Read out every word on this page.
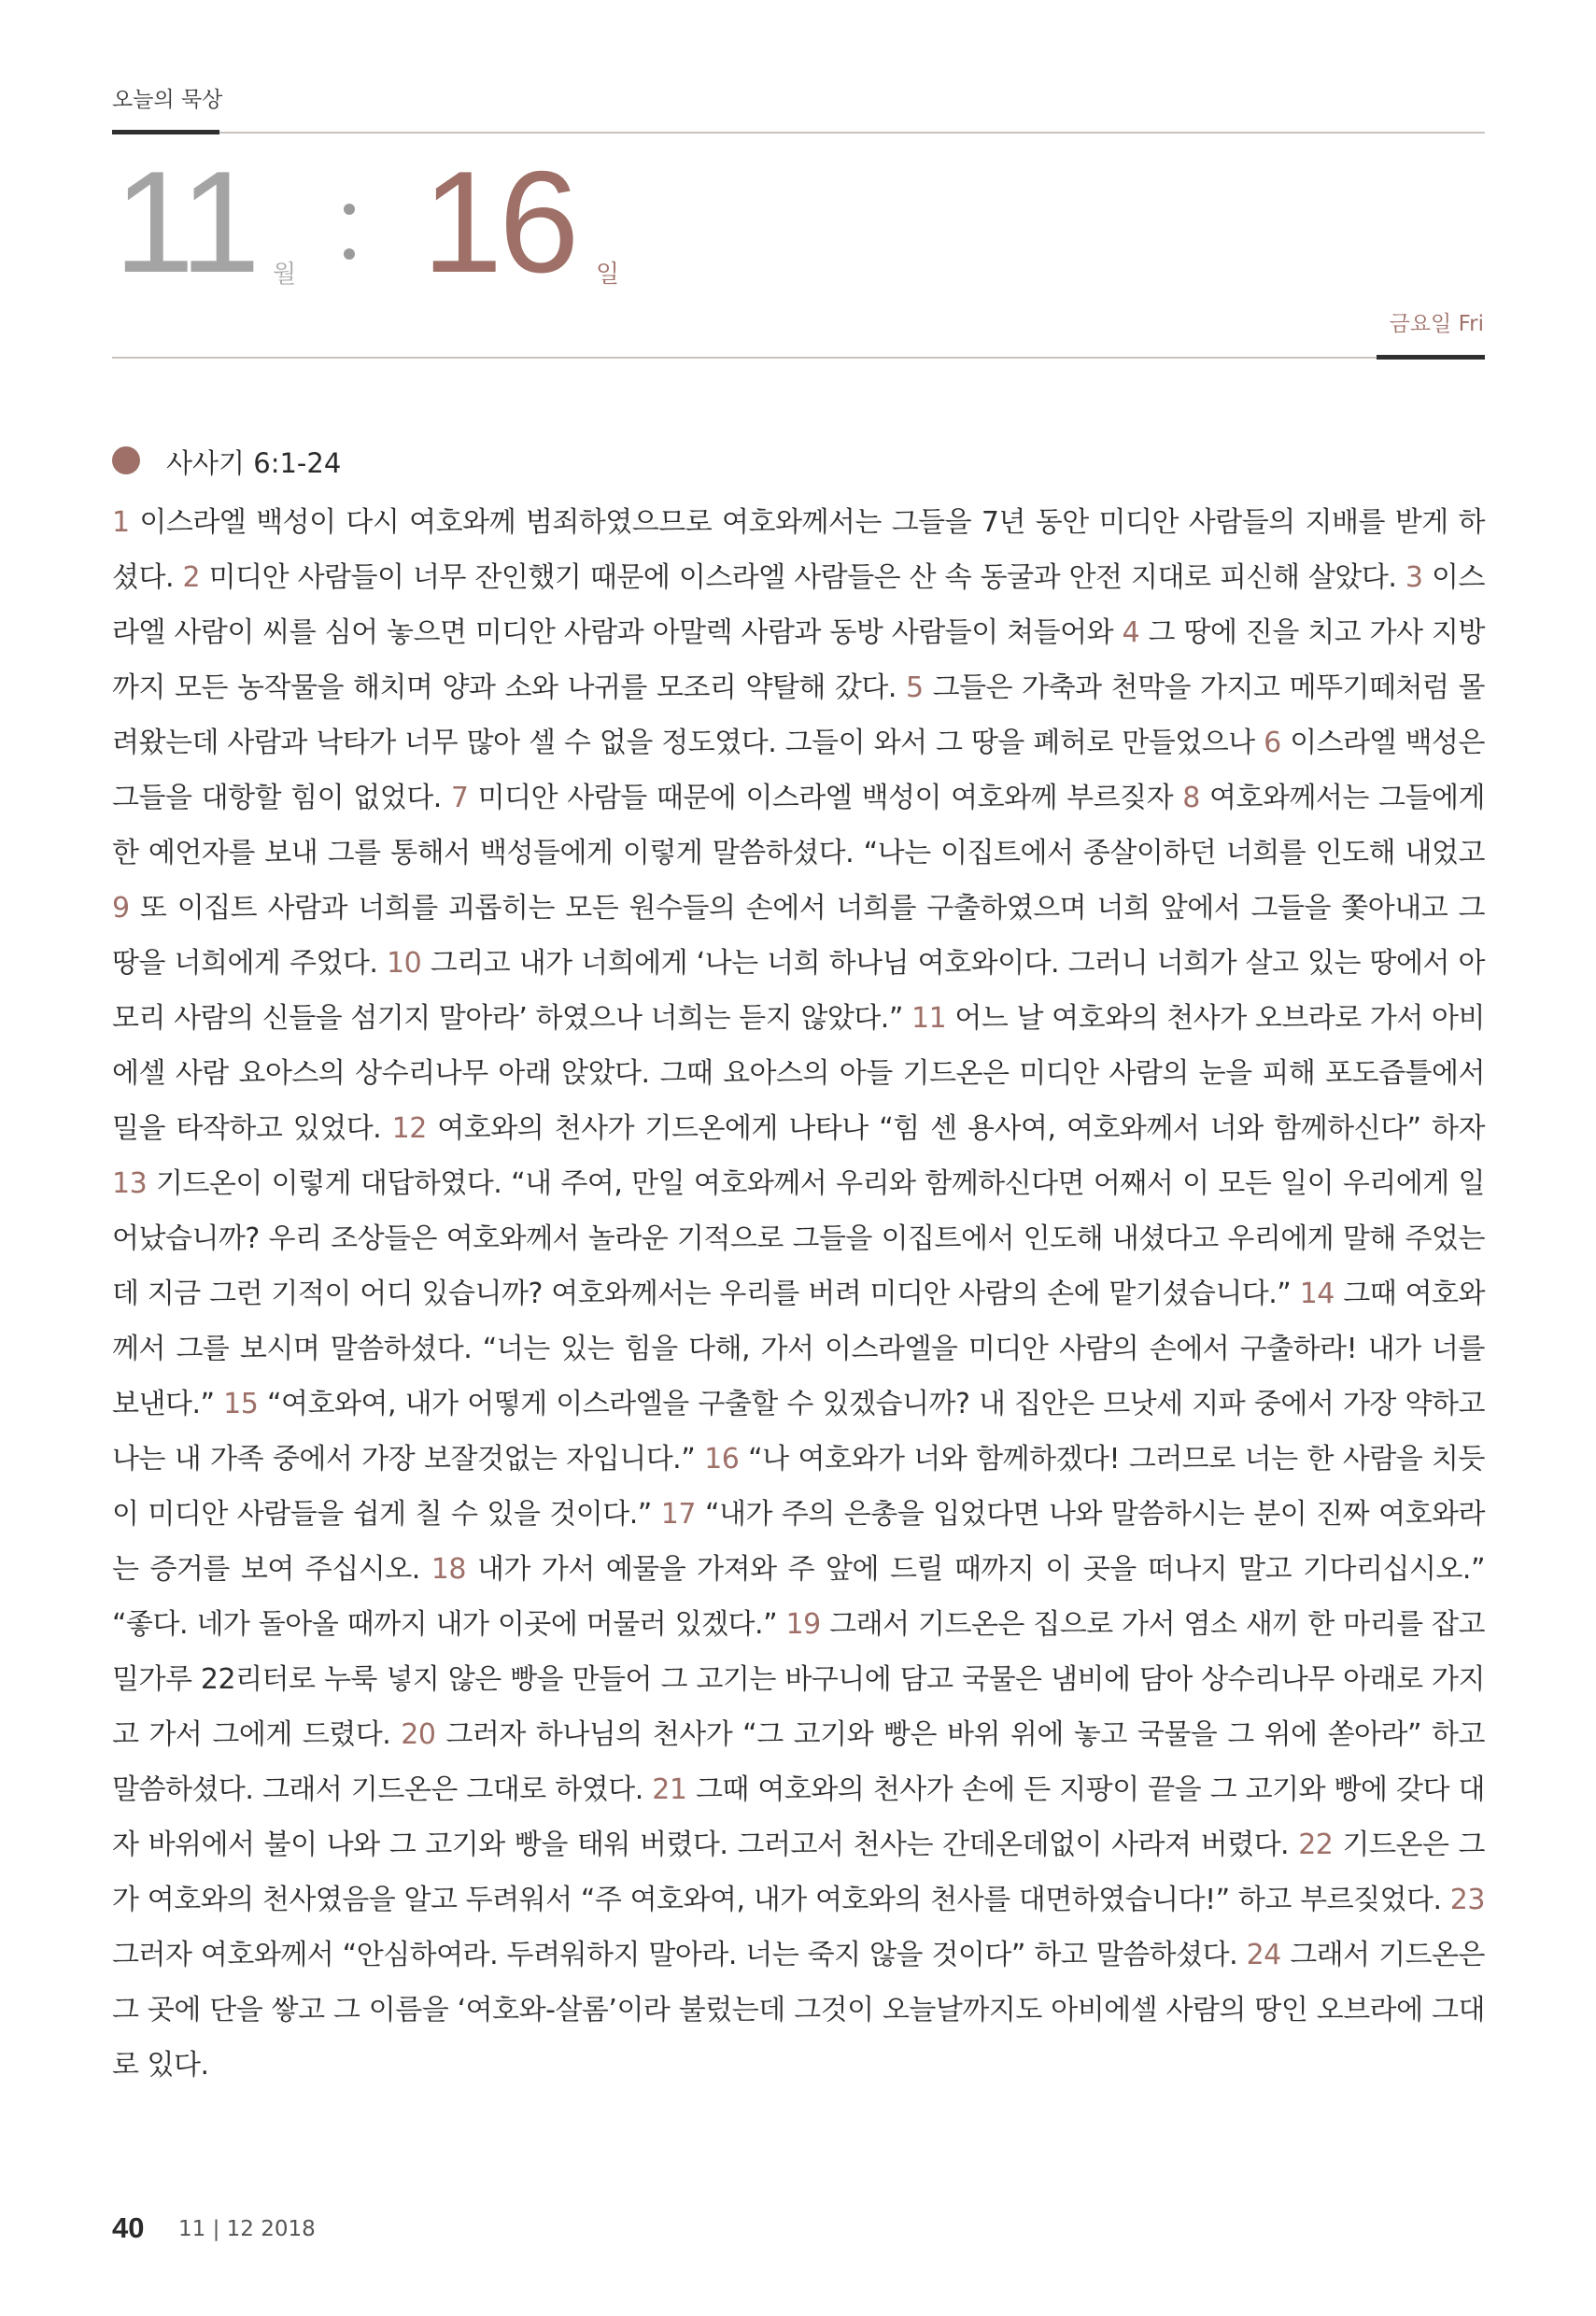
오늘의 묵상
11 월 16 일
금요일 Fri
사사기 6:1-24
1 이스라엘 백성이 다시 여호와께 범죄하였으므로 여호와께서는 그들을 7년 동안 미디안 사람들의 지배를 받게 하셨다. 2 미디안 사람들이 너무 잔인했기 때문에 이스라엘 사람들은 산 속 동굴과 안전 지대로 피신해 살았다. 3 이스라엘 사람이 씨를 심어 놓으면 미디안 사람과 아말렉 사람과 동방 사람들이 쳐들어와 4 그 땅에 진을 치고 가사 지방까지 모든 농작물을 해치며 양과 소와 나귀를 모조리 약탈해 갔다. 5 그들은 가축과 천막을 가지고 메뚜기떼처럼 몰려왔는데 사람과 낙타가 너무 많아 셀 수 없을 정도였다. 그들이 와서 그 땅을 폐허로 만들었으나 6 이스라엘 백성은 그들을 대항할 힘이 없었다. 7 미디안 사람들 때문에 이스라엘 백성이 여호와께 부르짖자 8 여호와께서는 그들에게 한 예언자를 보내 그를 통해서 백성들에게 이렇게 말씀하셨다. “나는 이집트에서 종살이하던 너희를 인도해 내었고 9 또 이집트 사람과 너희를 괴롭히는 모든 원수들의 손에서 너희를 구출하였으며 너희 앞에서 그들을 쫓아내고 그 땅을 너희에게 주었다. 10 그리고 내가 너희에게 ‘나는 너희 하나님 여호와이다. 그러니 너희가 살고 있는 땅에서 아모리 사람의 신들을 섬기지 말아라’ 하였으나 너희는 듣지 않았다.” 11 어느 날 여호와의 천사가 오브라로 가서 아비에셀 사람 요아스의 상수리나무 아래 앉았다. 그때 요아스의 아들 기드온은 미디안 사람의 눈을 피해 포도즙틀에서 밀을 타작하고 있었다. 12 여호와의 천사가 기드온에게 나타나 “힘 센 용사여, 여호와께서 너와 함께하신다” 하자 13 기드온이 이렇게 대답하였다. “내 주여, 만일 여호와께서 우리와 함께하신다면 어째서 이 모든 일이 우리에게 일어났습니까? 우리 조상들은 여호와께서 놀라운 기적으로 그들을 이집트에서 인도해 내셨다고 우리에게 말해 주었는데 지금 그런 기적이 어디 있습니까? 여호와께서는 우리를 버려 미디안 사람의 손에 맡기셨습니다.” 14 그때 여호와께서 그를 보시며 말씀하셨다. “너는 있는 힘을 다해, 가서 이스라엘을 미디안 사람의 손에서 구출하라! 내가 너를 보낸다.” 15 “여호와여, 내가 어떻게 이스라엘을 구출할 수 있겠습니까? 내 집안은 므낫세 지파 중에서 가장 약하고 나는 내 가족 중에서 가장 보잘것없는 자입니다.” 16 “나 여호와가 너와 함께하겠다! 그러므로 너는 한 사람을 치듯이 미디안 사람들을 쉽게 칠 수 있을 것이다.” 17 “내가 주의 은총을 입었다면 나와 말씀하시는 분이 진짜 여호와라는 증거를 보여 주십시오. 18 내가 가서 예물을 가져와 주 앞에 드릴 때까지 이 곳을 떠나지 말고 기다리십시오.” “좋다. 네가 돌아올 때까지 내가 이곳에 머물러 있겠다.” 19 그래서 기드온은 집으로 가서 염소 새끼 한 마리를 잡고 밀가루 22리터로 누룩 넣지 않은 빵을 만들어 그 고기는 바구니에 담고 국물은 냄비에 담아 상수리나무 아래로 가지고 가서 그에게 드렸다. 20 그러자 하나님의 천사가 “그 고기와 빵은 바위 위에 놓고 국물을 그 위에 쏟아라” 하고 말씀하셨다. 그래서 기드온은 그대로 하였다. 21 그때 여호와의 천사가 손에 든 지팡이 끝을 그 고기와 빵에 갖다 대자 바위에서 불이 나와 그 고기와 빵을 태워 버렸다. 그러고서 천사는 간데온데없이 사라져 버렸다. 22 기드온은 그가 여호와의 천사였음을 알고 두려워서 “주 여호와여, 내가 여호와의 천사를 대면하였습니다!” 하고 부르짖었다. 23 그러자 여호와께서 “안심하여라. 두려워하지 말아라. 너는 죽지 않을 것이다” 하고 말씀하셨다. 24 그래서 기드온은 그 곳에 단을 쌓고 그 이름을 ‘여호와-살롬’이라 불렀는데 그것이 오늘날까지도 아비에셀 사람의 땅인 오브라에 그대로 있다.
40 11 | 12 2018
